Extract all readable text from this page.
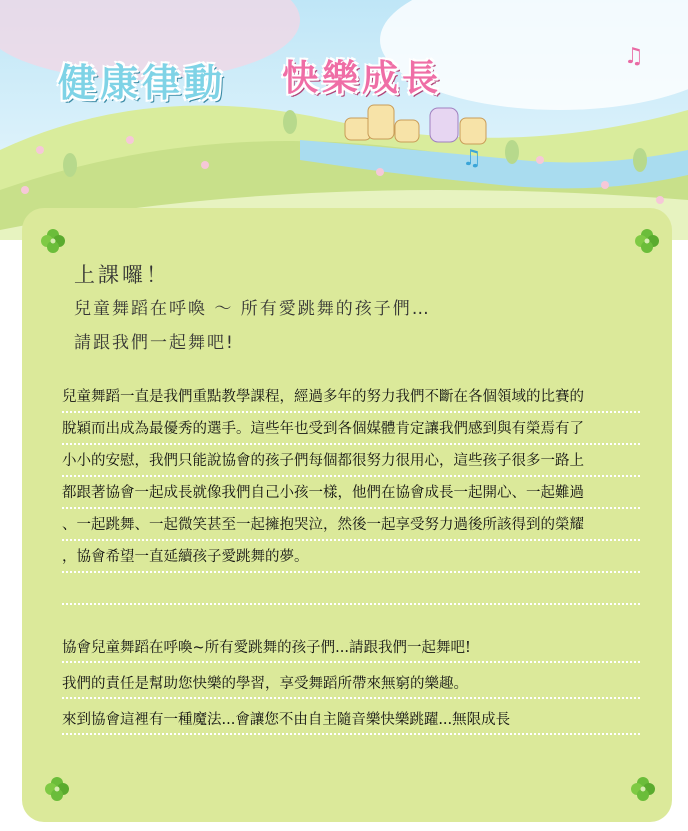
健康律動 快樂成長
♫
♫
上課囉！
兒童舞蹈在呼喚 ～ 所有愛跳舞的孩子們…
請跟我們一起舞吧!
兒童舞蹈一直是我們重點教學課程，經過多年的努力我們不斷在各個領域的比賽的
脫穎而出成為最優秀的選手。這些年也受到各個媒體肯定讓我們感到與有榮焉有了
小小的安慰，我們只能說協會的孩子們每個都很努力很用心，這些孩子很多一路上
都跟著協會一起成長就像我們自己小孩一樣，他們在協會成長一起開心、一起難過
、一起跳舞、一起微笑甚至一起擁抱哭泣，然後一起享受努力過後所該得到的榮耀
，協會希望一直延續孩子愛跳舞的夢。
協會兒童舞蹈在呼喚~所有愛跳舞的孩子們...請跟我們一起舞吧!
我們的責任是幫助您快樂的學習，享受舞蹈所帶來無窮的樂趣。
來到協會這裡有一種魔法...會讓您不由自主隨音樂快樂跳躍...無限成長
